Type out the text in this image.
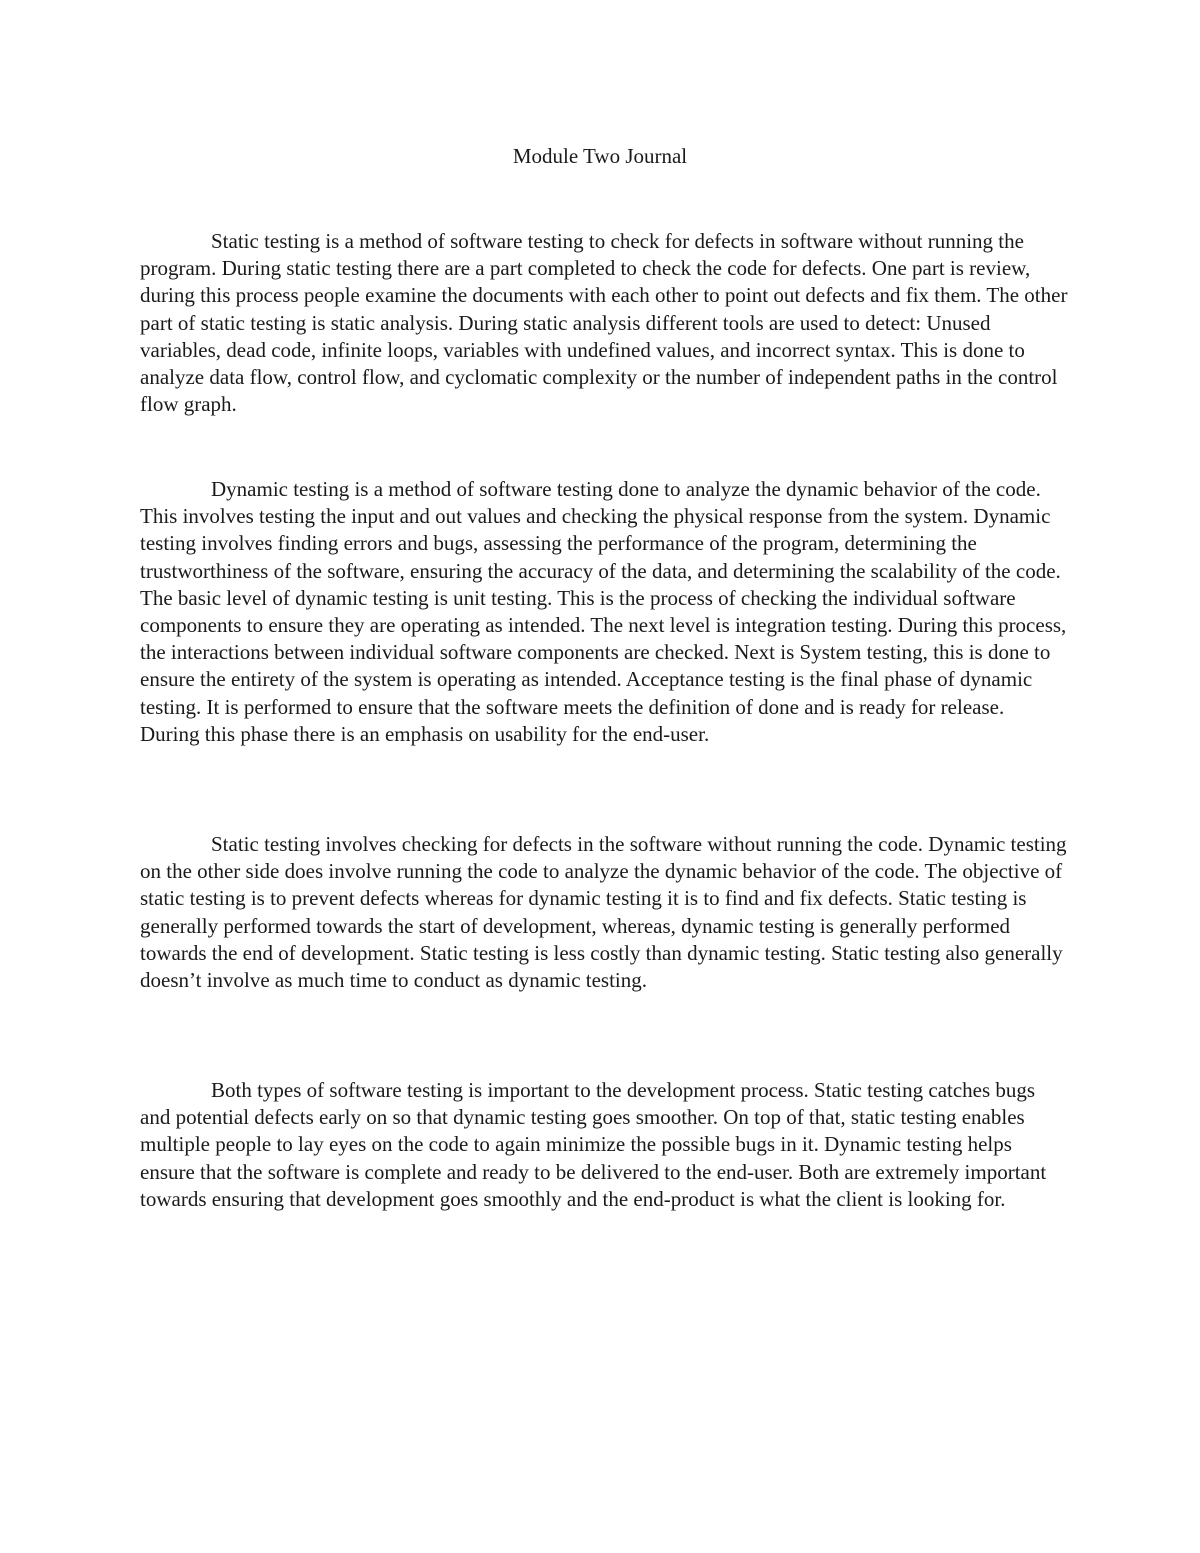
Module Two Journal

Static testing is a method of software testing to check for defects in software without running the program. During static testing there are a part completed to check the code for defects. One part is review, during this process people examine the documents with each other to point out defects and fix them. The other part of static testing is static analysis. During static analysis different tools are used to detect: Unused variables, dead code, infinite loops, variables with undefined values, and incorrect syntax. This is done to analyze data flow, control flow, and cyclomatic complexity or the number of independent paths in the control flow graph.

Dynamic testing is a method of software testing done to analyze the dynamic behavior of the code. This involves testing the input and out values and checking the physical response from the system. Dynamic testing involves finding errors and bugs, assessing the performance of the program, determining the trustworthiness of the software, ensuring the accuracy of the data, and determining the scalability of the code. The basic level of dynamic testing is unit testing. This is the process of checking the individual software components to ensure they are operating as intended. The next level is integration testing. During this process, the interactions between individual software components are checked. Next is System testing, this is done to ensure the entirety of the system is operating as intended. Acceptance testing is the final phase of dynamic testing. It is performed to ensure that the software meets the definition of done and is ready for release. During this phase there is an emphasis on usability for the end-user.

Static testing involves checking for defects in the software without running the code. Dynamic testing on the other side does involve running the code to analyze the dynamic behavior of the code. The objective of static testing is to prevent defects whereas for dynamic testing it is to find and fix defects. Static testing is generally performed towards the start of development, whereas, dynamic testing is generally performed towards the end of development. Static testing is less costly than dynamic testing. Static testing also generally doesn’t involve as much time to conduct as dynamic testing.

Both types of software testing is important to the development process. Static testing catches bugs and potential defects early on so that dynamic testing goes smoother. On top of that, static testing enables multiple people to lay eyes on the code to again minimize the possible bugs in it. Dynamic testing helps ensure that the software is complete and ready to be delivered to the end-user. Both are extremely important towards ensuring that development goes smoothly and the end-product is what the client is looking for.
